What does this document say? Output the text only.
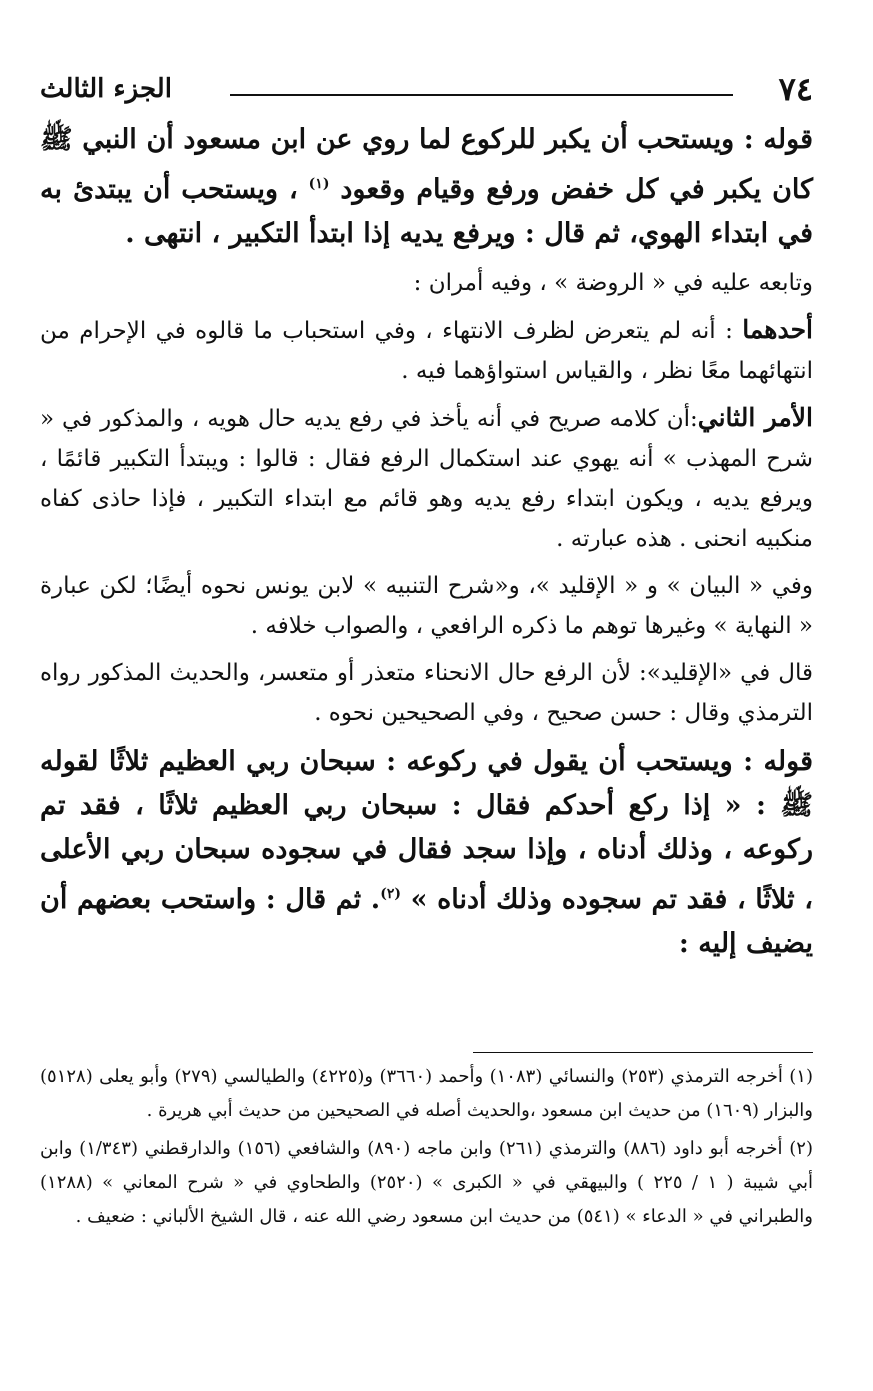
٧٤
الجزء الثالث

قوله : ويستحب أن يكبر للركوع لما روي عن ابن مسعود أن النبي ﷺ كان يكبر في كل خفض ورفع وقيام وقعود $^{(١)}$ ، ويستحب أن يبتدئ به في ابتداء الهوي، ثم قال : ويرفع يديه إذا ابتدأ التكبير ، انتهى .

وتابعه عليه في « الروضة » ، وفيه أمران :

أحدهما : أنه لم يتعرض لظرف الانتهاء ، وفي استحباب ما قالوه في الإحرام من انتهائهما معًا نظر ، والقياس استواؤهما فيه .

الأمر الثاني:أن كلامه صريح في أنه يأخذ في رفع يديه حال هويه ، والمذكور في « شرح المهذب » أنه يهوي عند استكمال الرفع فقال : قالوا : ويبتدأ التكبير قائمًا ، ويرفع يديه ، ويكون ابتداء رفع يديه وهو قائم مع ابتداء التكبير ، فإذا حاذى كفاه منكبيه انحنى . هذه عبارته .

وفي « البيان » و « الإقليد »، و«شرح التنبيه » لابن يونس نحوه أيضًا؛ لكن عبارة « النهاية » وغيرها توهم ما ذكره الرافعي ، والصواب خلافه .

قال في «الإقليد»: لأن الرفع حال الانحناء متعذر أو متعسر، والحديث المذكور رواه الترمذي وقال : حسن صحيح ، وفي الصحيحين نحوه .

قوله : ويستحب أن يقول في ركوعه : سبحان ربي العظيم ثلاثًا لقوله ﷺ : « إذا ركع أحدكم فقال : سبحان ربي العظيم ثلاثًا ، فقد تم ركوعه ، وذلك أدناه ، وإذا سجد فقال في سجوده سبحان ربي الأعلى ، ثلاثًا ، فقد تم سجوده وذلك أدناه » $^{(٢)}$. ثم قال : واستحب بعضهم أن يضيف إليه :

(١) أخرجه الترمذي (٢٥٣) والنسائي (١٠٨٣) وأحمد (٣٦٦٠) و(٤٢٢٥) والطيالسي (٢٧٩) وأبو يعلى (٥١٢٨) والبزار (١٦٠٩) من حديث ابن مسعود ،والحديث أصله في الصحيحين من حديث أبي هريرة .

(٢) أخرجه أبو داود (٨٨٦) والترمذي (٢٦١) وابن ماجه (٨٩٠) والشافعي (١٥٦) والدارقطني (١/٣٤٣) وابن أبي شيبة ( ١ / ٢٢٥ ) والبيهقي في « الكبرى » (٢٥٢٠) والطحاوي في « شرح المعاني » (١٢٨٨) والطبراني في « الدعاء » (٥٤١) من حديث ابن مسعود رضي الله عنه ، قال الشيخ الألباني : ضعيف .
